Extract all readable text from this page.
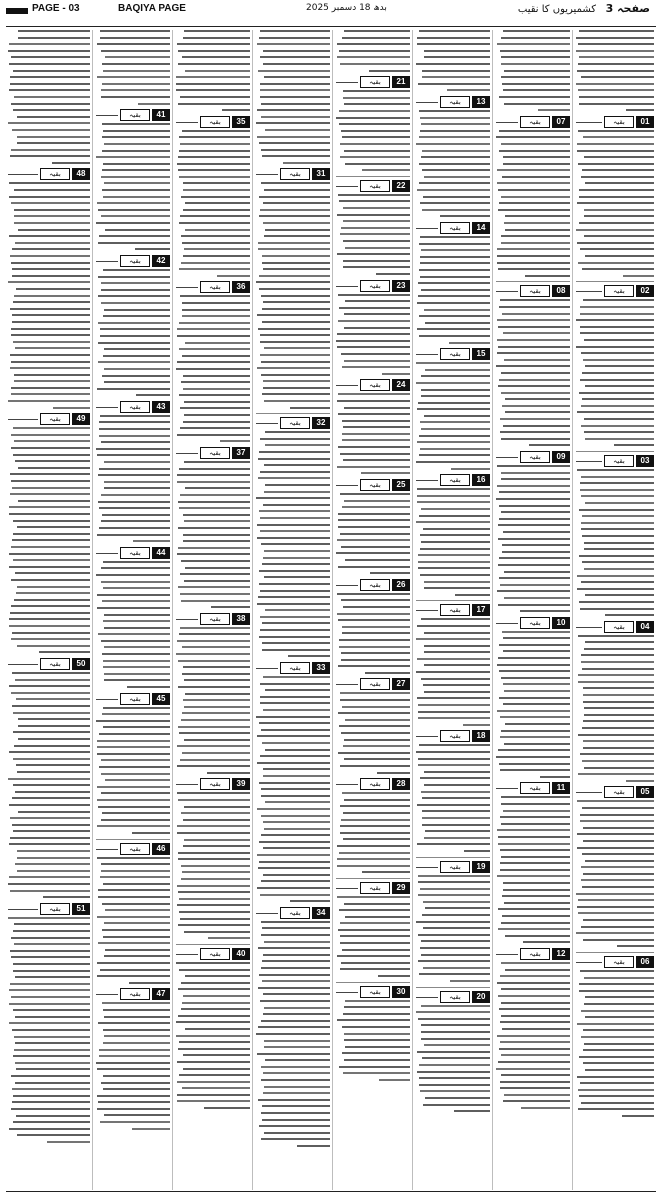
PAGE - 03	BAQIYA PAGE	بدھ 18 دسمبر 2025	صفحہ 3   کشمیریوں کا نقیب
بقیہ	01
بقیہ	02
بقیہ	03
بقیہ	04
بقیہ	05
بقیہ	06
بقیہ	07
بقیہ	08
بقیہ	09
بقیہ	10
بقیہ	11
بقیہ	12
بقیہ	13
بقیہ	14
بقیہ	15
بقیہ	16
بقیہ	17
بقیہ	18
بقیہ	19
بقیہ	20
بقیہ	21
بقیہ	22
بقیہ	23
بقیہ	24
بقیہ	25
بقیہ	26
بقیہ	27
بقیہ	28
بقیہ	29
بقیہ	30
بقیہ	31
بقیہ	32
بقیہ	33
بقیہ	34
بقیہ	35
بقیہ	36
بقیہ	37
بقیہ	38
بقیہ	39
بقیہ	40
بقیہ	41
بقیہ	42
بقیہ	43
بقیہ	44
بقیہ	45
بقیہ	46
بقیہ	47
بقیہ	48
بقیہ	49
بقیہ	50
بقیہ	51
